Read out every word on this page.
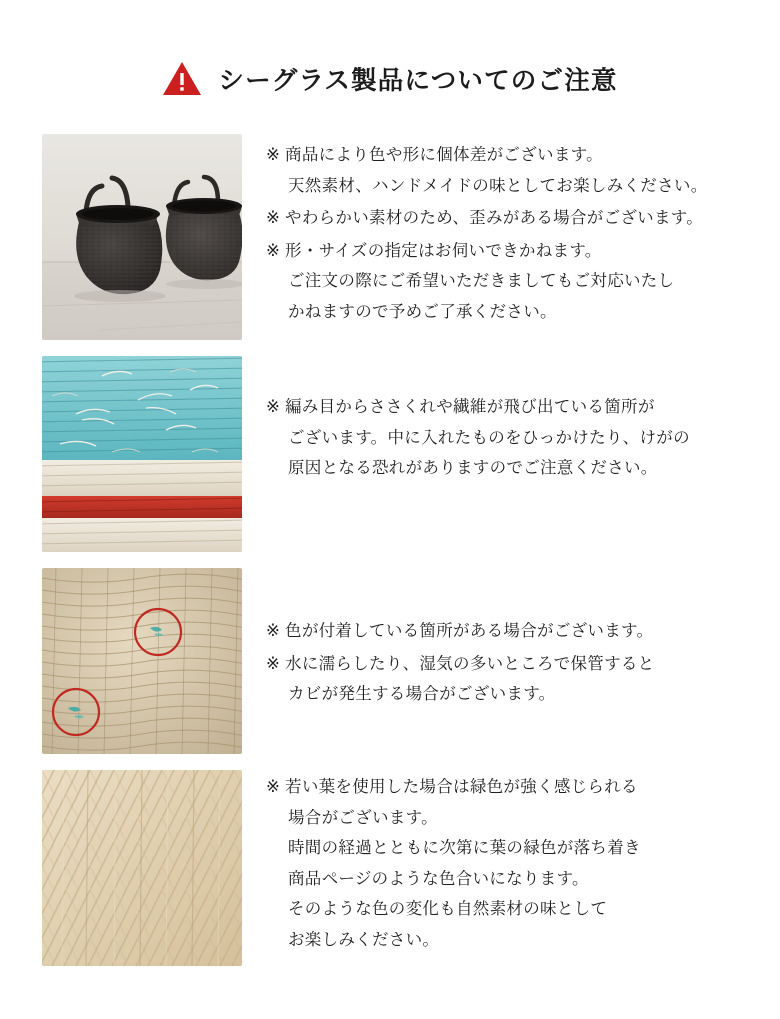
シーグラス製品についてのご注意

※ 商品により色や形に個体差がございます。
天然素材、ハンドメイドの味としてお楽しみください。

※ やわらかい素材のため、歪みがある場合がございます。

※ 形・サイズの指定はお伺いできかねます。
ご注文の際にご希望いただきましてもご対応いたし
かねますので予めご了承ください。

※ 編み目からささくれや繊維が飛び出ている箇所が
ございます。中に入れたものをひっかけたり、けがの
原因となる恐れがありますのでご注意ください。

※ 色が付着している箇所がある場合がございます。

※ 水に濡らしたり、湿気の多いところで保管すると
カビが発生する場合がございます。

※ 若い葉を使用した場合は緑色が強く感じられる
場合がございます。
時間の経過とともに次第に葉の緑色が落ち着き
商品ページのような色合いになります。
そのような色の変化も自然素材の味として
お楽しみください。
